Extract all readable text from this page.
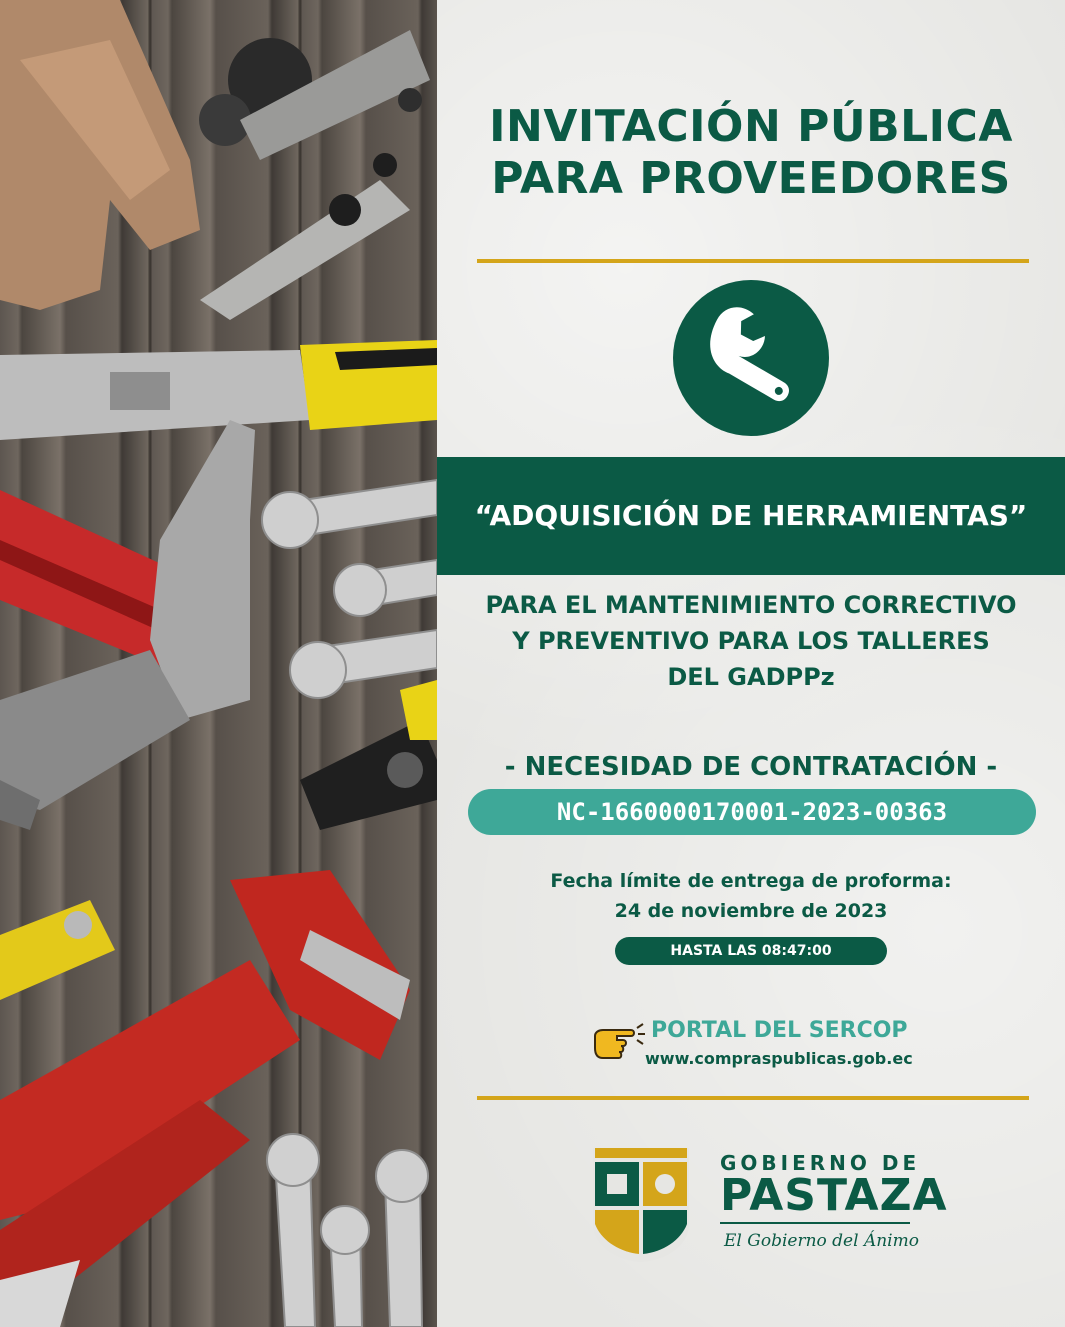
INVITACIÓN PÚBLICA
PARA PROVEEDORES
“ADQUISICIÓN DE HERRAMIENTAS”
PARA EL MANTENIMIENTO CORRECTIVO
Y PREVENTIVO PARA LOS TALLERES
DEL GADPPz
- NECESIDAD DE CONTRATACIÓN -
NC-1660000170001-2023-00363
Fecha límite de entrega de proforma:
24 de noviembre de 2023
HASTA LAS 08:47:00
PORTAL DEL SERCOP
www.compraspublicas.gob.ec
GOBIERNO DE
PASTAZA
El Gobierno del Ánimo
